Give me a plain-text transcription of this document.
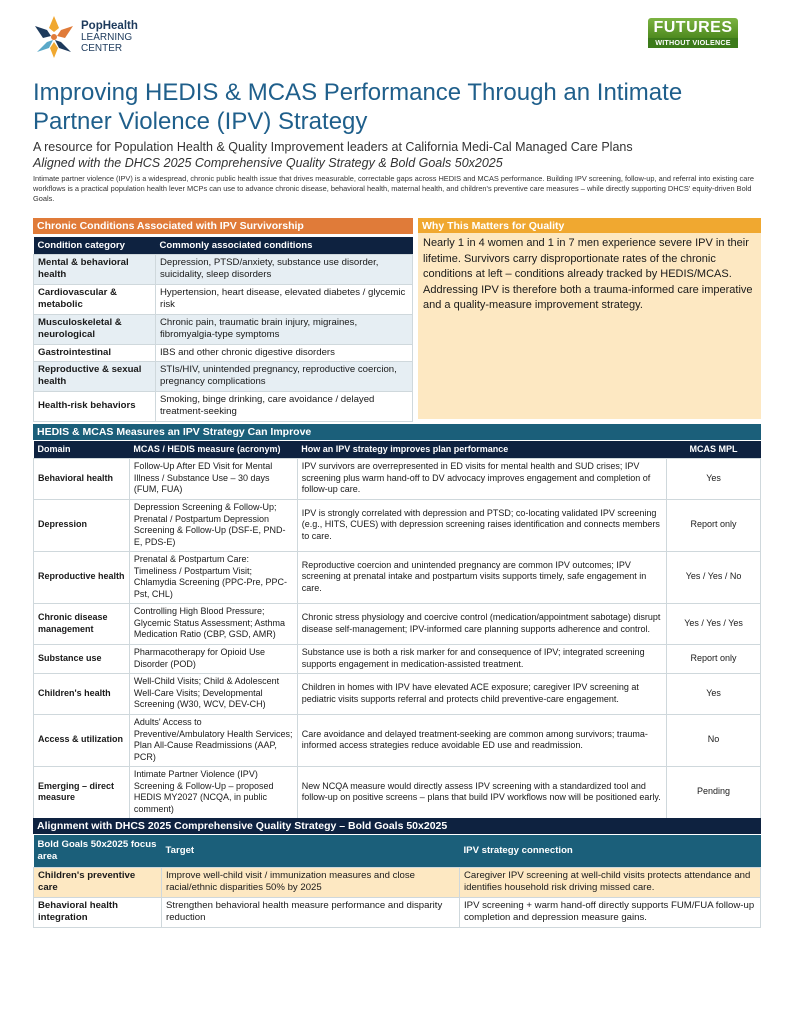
PopHealth
LEARNING
CENTER
FUTURES
WITHOUT VIOLENCE
Improving HEDIS & MCAS Performance Through an Intimate Partner Violence (IPV) Strategy
A resource for Population Health & Quality Improvement leaders at California Medi-Cal Managed Care Plans
Aligned with the DHCS 2025 Comprehensive Quality Strategy & Bold Goals 50x2025

Intimate partner violence (IPV) is a widespread, chronic public health issue that drives measurable, correctable gaps across HEDIS and MCAS performance. Building IPV screening, follow-up, and referral into existing care workflows is a practical population health lever MCPs can use to advance chronic disease, behavioral health, maternal health, and children's preventive care measures – while directly supporting DHCS' equity-driven Bold Goals.

Chronic Conditions Associated with IPV Survivorship	Why This Matters for Quality
Condition category	Commonly associated conditions
Mental & behavioral health	Depression, PTSD/anxiety, substance use disorder, suicidality, sleep disorders
Cardiovascular & metabolic	Hypertension, heart disease, elevated diabetes / glycemic risk
Musculoskeletal & neurological	Chronic pain, traumatic brain injury, migraines, fibromyalgia-type symptoms
Gastrointestinal	IBS and other chronic digestive disorders
Reproductive & sexual health	STIs/HIV, unintended pregnancy, reproductive coercion, pregnancy complications
Health-risk behaviors	Smoking, binge drinking, care avoidance / delayed treatment-seeking

Nearly 1 in 4 women and 1 in 7 men experience severe IPV in their lifetime. Survivors carry disproportionate rates of the chronic conditions at left – conditions already tracked by HEDIS/MCAS. Addressing IPV is therefore both a trauma-informed care imperative and a quality-measure improvement strategy.

HEDIS & MCAS Measures an IPV Strategy Can Improve
Domain	MCAS / HEDIS measure (acronym)	How an IPV strategy improves plan performance	MCAS MPL
Behavioral health	Follow-Up After ED Visit for Mental Illness / Substance Use – 30 days (FUM, FUA)	IPV survivors are overrepresented in ED visits for mental health and SUD crises; IPV screening plus warm hand-off to DV advocacy improves engagement and completion of follow-up care.	Yes
Depression	Depression Screening & Follow-Up; Prenatal / Postpartum Depression Screening & Follow-Up (DSF-E, PND-E, PDS-E)	IPV is strongly correlated with depression and PTSD; co-locating validated IPV screening (e.g., HITS, CUES) with depression screening raises identification and connects members to care.	Report only
Reproductive health	Prenatal & Postpartum Care: Timeliness / Postpartum Visit; Chlamydia Screening (PPC-Pre, PPC-Pst, CHL)	Reproductive coercion and unintended pregnancy are common IPV outcomes; IPV screening at prenatal intake and postpartum visits supports timely, safe engagement in care.	Yes / Yes / No
Chronic disease management	Controlling High Blood Pressure; Glycemic Status Assessment; Asthma Medication Ratio (CBP, GSD, AMR)	Chronic stress physiology and coercive control (medication/appointment sabotage) disrupt disease self-management; IPV-informed care planning supports adherence and control.	Yes / Yes / Yes
Substance use	Pharmacotherapy for Opioid Use Disorder (POD)	Substance use is both a risk marker for and consequence of IPV; integrated screening supports engagement in medication-assisted treatment.	Report only
Children's health	Well-Child Visits; Child & Adolescent Well-Care Visits; Developmental Screening (W30, WCV, DEV-CH)	Children in homes with IPV have elevated ACE exposure; caregiver IPV screening at pediatric visits supports referral and protects child preventive-care engagement.	Yes
Access & utilization	Adults' Access to Preventive/Ambulatory Health Services; Plan All-Cause Readmissions (AAP, PCR)	Care avoidance and delayed treatment-seeking are common among survivors; trauma-informed access strategies reduce avoidable ED use and readmission.	No
Emerging – direct measure	Intimate Partner Violence (IPV) Screening & Follow-Up – proposed HEDIS MY2027 (NCQA, in public comment)	New NCQA measure would directly assess IPV screening with a standardized tool and follow-up on positive screens – plans that build IPV workflows now will be positioned early.	Pending
Alignment with DHCS 2025 Comprehensive Quality Strategy – Bold Goals 50x2025
Bold Goals 50x2025 focus area	Target	IPV strategy connection
Children's preventive care	Improve well-child visit / immunization measures and close racial/ethnic disparities 50% by 2025	Caregiver IPV screening at well-child visits protects attendance and identifies household risk driving missed care.
Behavioral health integration	Strengthen behavioral health measure performance and disparity reduction	IPV screening + warm hand-off directly supports FUM/FUA follow-up completion and depression measure gains.
